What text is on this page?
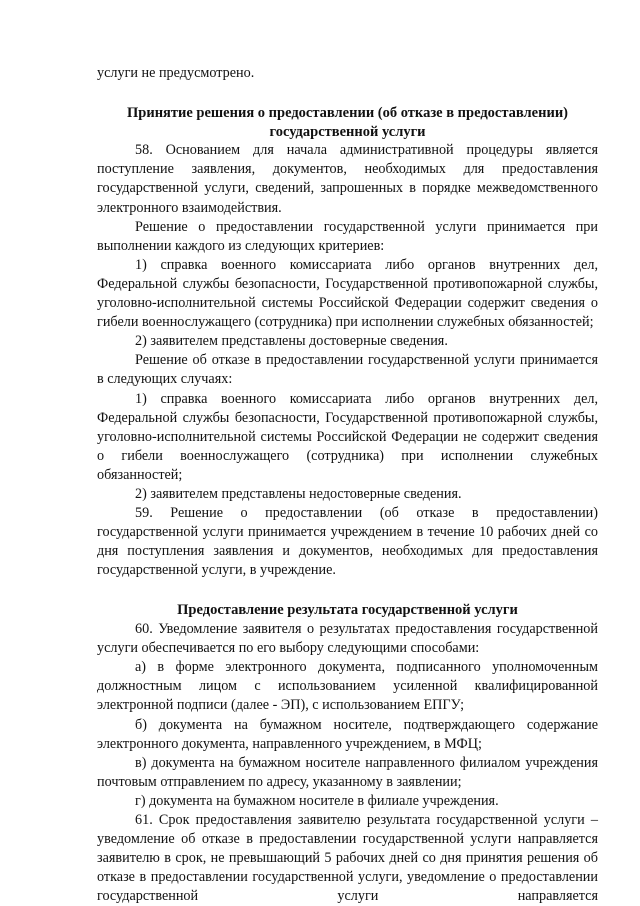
услуги не предусмотрено.

Принятие решения о предоставлении (об отказе в предоставлении) государственной услуги

58. Основанием для начала административной процедуры является поступление заявления, документов, необходимых для предоставления государственной услуги, сведений, запрошенных в порядке межведомственного электронного взаимодействия.

Решение о предоставлении государственной услуги принимается при выполнении каждого из следующих критериев:

1) справка военного комиссариата либо органов внутренних дел, Федеральной службы безопасности, Государственной противопожарной службы, уголовно-исполнительной системы Российской Федерации содержит сведения о гибели военнослужащего (сотрудника) при исполнении служебных обязанностей;

2) заявителем представлены достоверные сведения.

Решение об отказе в предоставлении государственной услуги принимается в следующих случаях:

1) справка военного комиссариата либо органов внутренних дел, Федеральной службы безопасности, Государственной противопожарной службы, уголовно-исполнительной системы Российской Федерации не содержит сведения о гибели военнослужащего (сотрудника) при исполнении служебных обязанностей;

2) заявителем представлены недостоверные сведения.

59. Решение о предоставлении (об отказе в предоставлении) государственной услуги принимается учреждением в течение 10 рабочих дней со дня поступления заявления и документов, необходимых для предоставления государственной услуги, в учреждение.

Предоставление результата государственной услуги

60. Уведомление заявителя о результатах предоставления государственной услуги обеспечивается по его выбору следующими способами:

а) в форме электронного документа, подписанного уполномоченным должностным лицом с использованием усиленной квалифицированной электронной подписи (далее - ЭП), с использованием ЕПГУ;

б) документа на бумажном носителе, подтверждающего содержание электронного документа, направленного учреждением, в МФЦ;

в) документа на бумажном носителе направленного филиалом учреждения почтовым отправлением по адресу, указанному в заявлении;

г) документа на бумажном носителе в филиале учреждения.

61. Срок предоставления заявителю результата государственной услуги – уведомление об отказе в предоставлении государственной услуги направляется заявителю в срок, не превышающий 5 рабочих дней со дня принятия решения об отказе в предоставлении государственной услуги, уведомление о предоставлении государственной услуги направляется
